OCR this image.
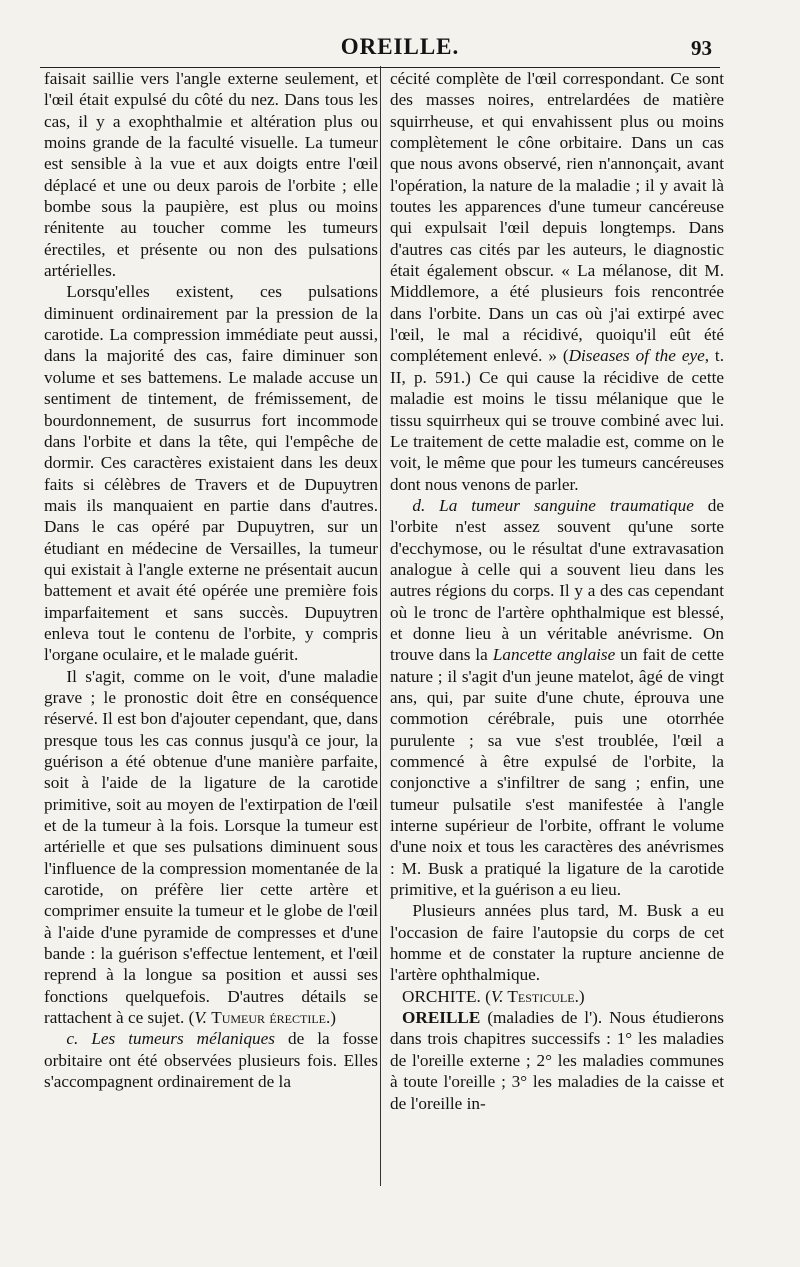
OREILLE.	93

faisait saillie vers l'angle externe seulement, et l'œil était expulsé du côté du nez. Dans tous les cas, il y a exophthalmie et altération plus ou moins grande de la faculté visuelle. La tumeur est sensible à la vue et aux doigts entre l'œil déplacé et une ou deux parois de l'orbite ; elle bombe sous la paupière, est plus ou moins rénitente au toucher comme les tumeurs érectiles, et présente ou non des pulsations artérielles.

Lorsqu'elles existent, ces pulsations diminuent ordinairement par la pression de la carotide. La compression immédiate peut aussi, dans la majorité des cas, faire diminuer son volume et ses battemens. Le malade accuse un sentiment de tintement, de frémissement, de bourdonnement, de susurrus fort incommode dans l'orbite et dans la tête, qui l'empêche de dormir. Ces caractères existaient dans les deux faits si célèbres de Travers et de Dupuytren mais ils manquaient en partie dans d'autres. Dans le cas opéré par Dupuytren, sur un étudiant en médecine de Versailles, la tumeur qui existait à l'angle externe ne présentait aucun battement et avait été opérée une première fois imparfaitement et sans succès. Dupuytren enleva tout le contenu de l'orbite, y compris l'organe oculaire, et le malade guérit.

Il s'agit, comme on le voit, d'une maladie grave ; le pronostic doit être en conséquence réservé. Il est bon d'ajouter cependant, que, dans presque tous les cas connus jusqu'à ce jour, la guérison a été obtenue d'une manière parfaite, soit à l'aide de la ligature de la carotide primitive, soit au moyen de l'extirpation de l'œil et de la tumeur à la fois. Lorsque la tumeur est artérielle et que ses pulsations diminuent sous l'influence de la compression momentanée de la carotide, on préfère lier cette artère et comprimer ensuite la tumeur et le globe de l'œil à l'aide d'une pyramide de compresses et d'une bande : la guérison s'effectue lentement, et l'œil reprend à la longue sa position et aussi ses fonctions quelquefois. D'autres détails se rattachent à ce sujet. (V. Tumeur érectile.)

c. Les tumeurs mélaniques de la fosse orbitaire ont été observées plusieurs fois. Elles s'accompagnent ordinairement de la

cécité complète de l'œil correspondant. Ce sont des masses noires, entrelardées de matière squirrheuse, et qui envahissent plus ou moins complètement le cône orbitaire. Dans un cas que nous avons observé, rien n'annonçait, avant l'opération, la nature de la maladie ; il y avait là toutes les apparences d'une tumeur cancéreuse qui expulsait l'œil depuis longtemps. Dans d'autres cas cités par les auteurs, le diagnostic était également obscur. « La mélanose, dit M. Middlemore, a été plusieurs fois rencontrée dans l'orbite. Dans un cas où j'ai extirpé avec l'œil, le mal a récidivé, quoiqu'il eût été complétement enlevé. » (Diseases of the eye, t. II, p. 591.) Ce qui cause la récidive de cette maladie est moins le tissu mélanique que le tissu squirrheux qui se trouve combiné avec lui. Le traitement de cette maladie est, comme on le voit, le même que pour les tumeurs cancéreuses dont nous venons de parler.

d. La tumeur sanguine traumatique de l'orbite n'est assez souvent qu'une sorte d'ecchymose, ou le résultat d'une extravasation analogue à celle qui a souvent lieu dans les autres régions du corps. Il y a des cas cependant où le tronc de l'artère ophthalmique est blessé, et donne lieu à un véritable anévrisme. On trouve dans la Lancette anglaise un fait de cette nature ; il s'agit d'un jeune matelot, âgé de vingt ans, qui, par suite d'une chute, éprouva une commotion cérébrale, puis une otorrhée purulente ; sa vue s'est troublée, l'œil a commencé à être expulsé de l'orbite, la conjonctive a s'infiltrer de sang ; enfin, une tumeur pulsatile s'est manifestée à l'angle interne supérieur de l'orbite, offrant le volume d'une noix et tous les caractères des anévrismes : M. Busk a pratiqué la ligature de la carotide primitive, et la guérison a eu lieu.

Plusieurs années plus tard, M. Busk a eu l'occasion de faire l'autopsie du corps de cet homme et de constater la rupture ancienne de l'artère ophthalmique.

ORCHITE. (V. Testicule.)

OREILLE (maladies de l'). Nous étudierons dans trois chapitres successifs : 1° les maladies de l'oreille externe ; 2° les maladies communes à toute l'oreille ; 3° les maladies de la caisse et de l'oreille in-
